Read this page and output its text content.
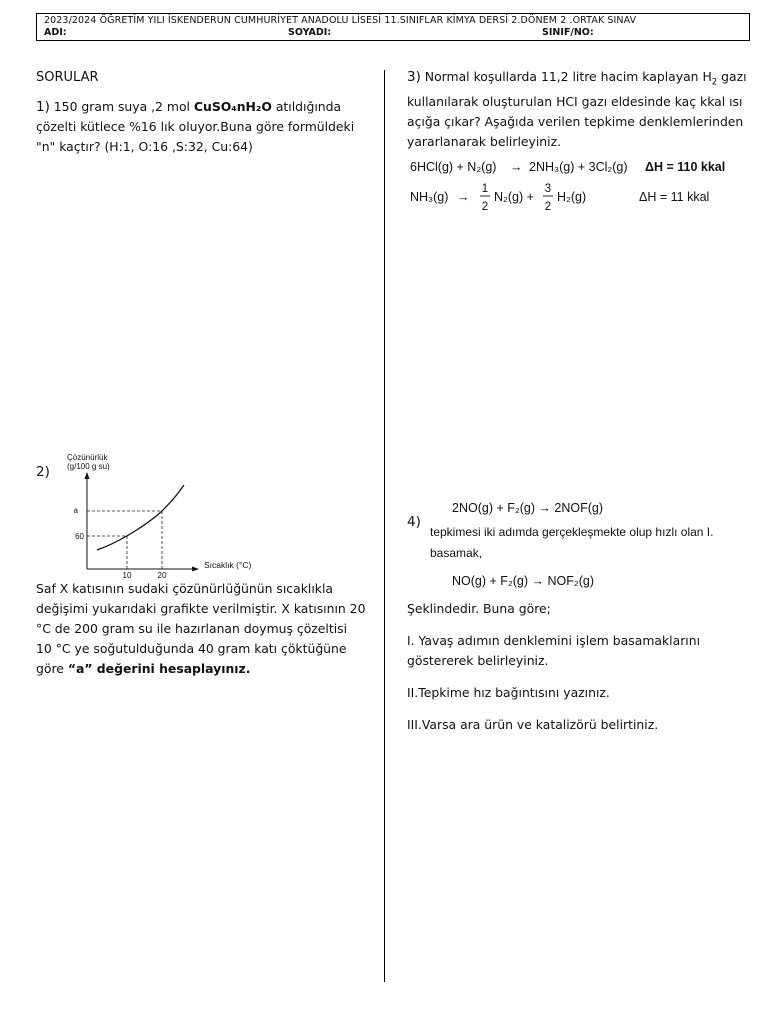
2023/2024 ÖĞRETİM YILI İSKENDERUN CUMHURİYET ANADOLU LİSESİ 11.SINIFLAR KİMYA DERSİ 2.DÖNEM 2 .ORTAK SINAV
ADI:	SOYADI:	SINIF/NO:
SORULAR
1) 150 gram suya ,2 mol CuSO₄nH₂O atıldığında çözelti kütlece %16 lık oluyor.Buna göre formüldeki "n" kaçtır? (H:1, O:16 ,S:32, Cu:64)
2)
Çözünürlük
(g/100 g su)
Sıcaklık (°C)
a
60
10	20
Saf X katısının sudaki çözünürlüğünün sıcaklıkla değişimi yukarıdaki grafikte verilmiştir. X katısının 20 °C de 200 gram su ile hazırlanan doymuş çözeltisi 10 °C ye soğutulduğunda 40 gram katı çöktüğüne göre “a” değerini hesaplayınız.
3) Normal koşullarda 11,2 litre hacim kaplayan $H_2$ gazı kullanılarak oluşturulan HCI gazı eldesinde kaç kkal ısı açığa çıkar? Aşağıda verilen tepkime denklemlerinden yararlanarak belirleyiniz.
6HCl(g) + N₂(g) → 2NH₃(g) + 3Cl₂(g) ΔH = 110 kkal
NH₃(g) →
1
2
N₂(g) +
3
2
H₂(g)	ΔH = 11 kkal
4)
2NO(g) + F₂(g) → 2NOF(g)
tepkimesi iki adımda gerçekleşmekte olup hızlı olan I.
basamak,
NO(g) + F₂(g) → NOF₂(g)
Şeklindedir. Buna göre;
I. Yavaş adımın denklemini işlem basamaklarını göstererek belirleyiniz.
II.Tepkime hız bağıntısını yazınız.
III.Varsa ara ürün ve katalizörü belirtiniz.
